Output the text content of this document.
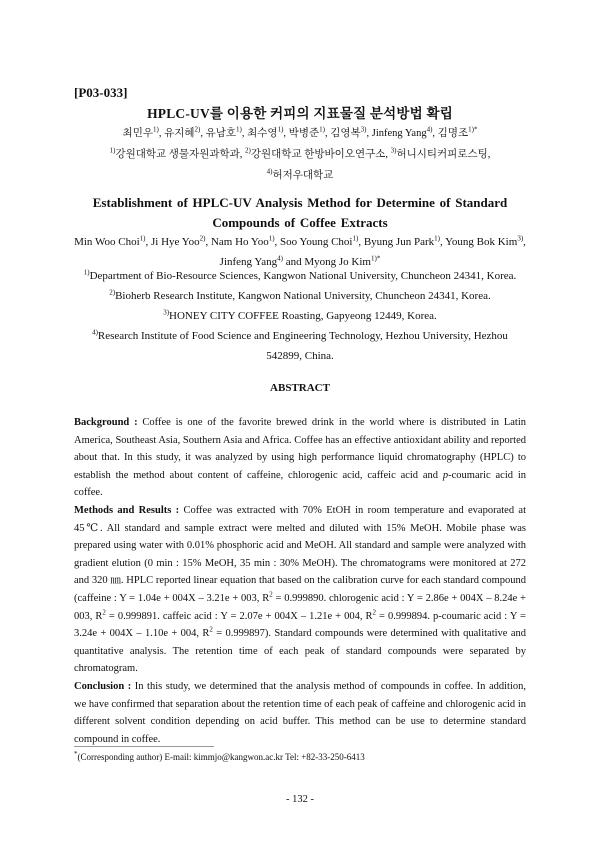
[P03-033]
HPLC-UV를 이용한 커피의 지표물질 분석방법 확립
최민우$^{1)}$, 유지혜$^{2)}$, 유남호$^{1)}$, 최수영$^{1)}$, 박병준$^{1)}$, 김영복$^{3)}$, Jinfeng Yang$^{4)}$, 김명조$^{1)*}$
$^{1)}$강원대학교 생물자원과학과, $^{2)}$강원대학교 한방바이오연구소, $^{3)}$허니시티커피로스팅,
$^{4)}$허저우대학교
Establishment of HPLC-UV Analysis Method for Determine of Standard Compounds of Coffee Extracts
Min Woo Choi$^{1)}$, Ji Hye Yoo$^{2)}$, Nam Ho Yoo$^{1)}$, Soo Young Choi$^{1)}$, Byung Jun Park$^{1)}$, Young Bok Kim$^{3)}$, Jinfeng Yang$^{4)}$ and Myong Jo Kim$^{1)*}$
$^{1)}$Department of Bio-Resource Sciences, Kangwon National University, Chuncheon 24341, Korea.
$^{2)}$Bioherb Research Institute, Kangwon National University, Chuncheon 24341, Korea.
$^{3)}$HONEY CITY COFFEE Roasting, Gapyeong 12449, Korea.
$^{4)}$Research Institute of Food Science and Engineering Technology, Hezhou University, Hezhou 542899, China.
ABSTRACT

Background : Coffee is one of the favorite brewed drink in the world where is distributed in Latin America, Southeast Asia, Southern Asia and Africa. Coffee has an effective antioxidant ability and reported about that. In this study, it was analyzed by using high performance liquid chromatography (HPLC) to establish the method about content of caffeine, chlorogenic acid, caffeic acid and p-coumaric acid in coffee.

Methods and Results : Coffee was extracted with 70% EtOH in room temperature and evaporated at 45℃. All standard and sample extract were melted and diluted with 15% MeOH. Mobile phase was prepared using water with 0.01% phosphoric acid and MeOH. All standard and sample were analyzed with gradient elution (0 min : 15% MeOH, 35 min : 30% MeOH). The chromatograms were monitored at 272 and 320 ㎚. HPLC reported linear equation that based on the calibration curve for each standard compound (caffeine : Y = 1.04e + 004X – 3.21e + 003, $R^2 = 0.999890$. chlorogenic acid : Y = 2.86e + 004X – 8.24e + 003, $R^2 = 0.999891$. caffeic acid : Y = 2.07e + 004X – 1.21e + 004, $R^2 = 0.999894$. p-coumaric acid : Y = 3.24e + 004X – 1.10e + 004, $R^2 = 0.999897$). Standard compounds were determined with qualitative and quantitative analysis. The retention time of each peak of standard compounds were separated by chromatogram.

Conclusion : In this study, we determined that the analysis method of compounds in coffee. In addition, we have confirmed that separation about the retention time of each peak of caffeine and chlorogenic acid in different solvent condition depending on acid buffer. This method can be use to determine standard compound in coffee.

*(Corresponding author) E-mail: kimmjo@kangwon.ac.kr Tel: +82-33-250-6413
- 132 -
